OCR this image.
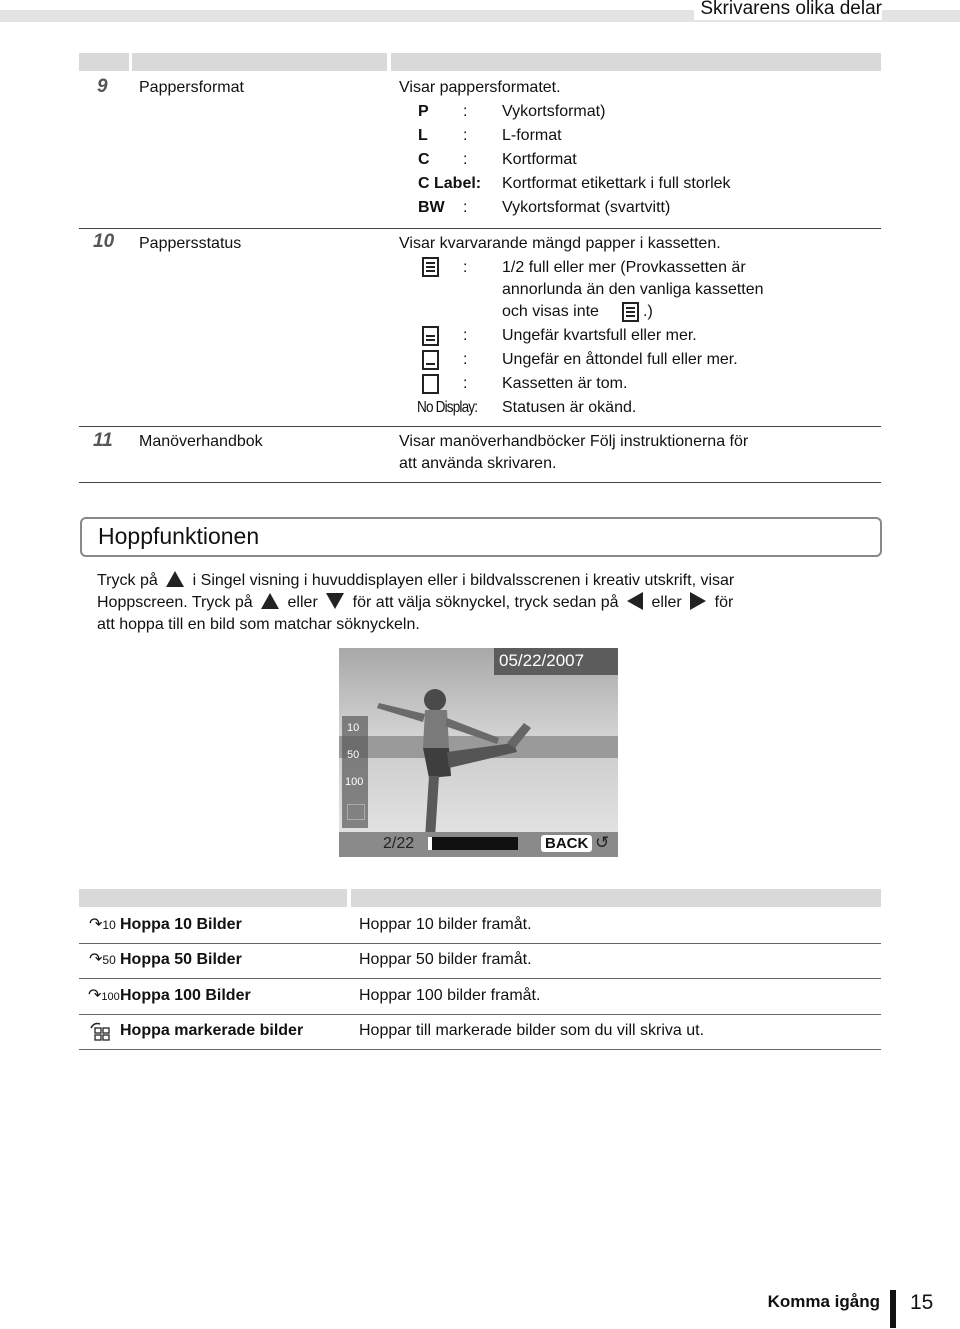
Skrivarens olika delar
9 Pappersformat	Visar pappersformatet.
P : Vykortsformat)
L : L-format
C : Kortformat
C Label: Kortformat etikettark i full storlek
BW : Vykortsformat (svartvitt)
10 Pappersstatus	Visar kvarvarande mängd papper i kassetten.
: 1/2 full eller mer (Provkassetten är
annorlunda än den vanliga kassetten
och visas inte	.)
: Ungefär kvartsfull eller mer.
: Ungefär en åttondel full eller mer.
: Kassetten är tom.
No Display:	Statusen är okänd.
11 Manöverhandbok	Visar manöverhandböcker Följ instruktionerna för
att använda skrivaren.
Hoppfunktionen
Tryck på i Singel visning i huvuddisplayen eller i bildvalsscrenen i kreativ utskrift, visar
Hoppscreen. Tryck på eller för att välja söknyckel, tryck sedan på eller för
att hoppa till en bild som matchar söknyckeln.
05/22/2007
10
50
100
2/22	BACK ↺
↷10 Hoppa 10 Bilder	Hoppar 10 bilder framåt.
↷50 Hoppa 50 Bilder	Hoppar 50 bilder framåt.
↷100 Hoppa 100 Bilder	Hoppar 100 bilder framåt.
Hoppa markerade bilder	Hoppar till markerade bilder som du vill skriva ut.
Komma igång 15
